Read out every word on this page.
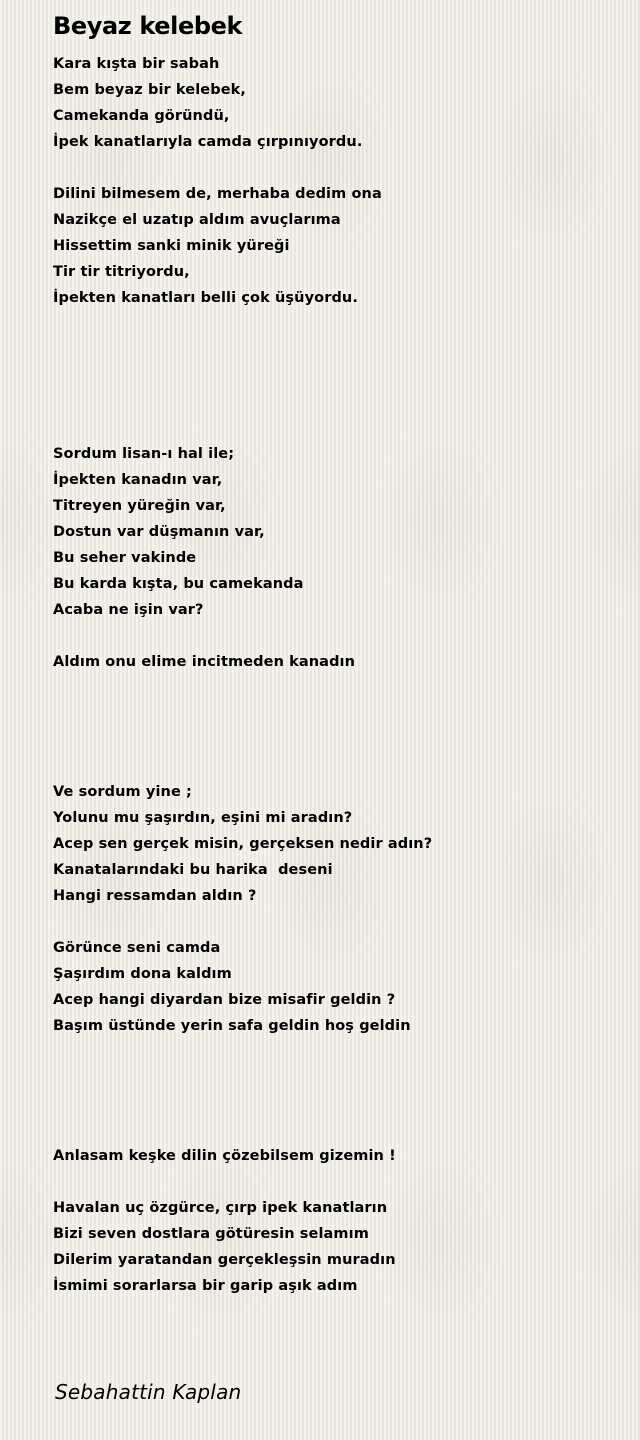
Beyaz kelebek
Kara kışta bir sabah
Bem beyaz bir kelebek,
Camekanda göründü,
İpek kanatlarıyla camda çırpınıyordu.
Dilini bilmesem de, merhaba dedim ona
Nazikçe el uzatıp aldım avuçlarıma
Hissettim sanki minik yüreği
Tir tir titriyordu,
İpekten kanatları belli çok üşüyordu.
Sordum lisan-ı hal ile;
İpekten kanadın var,
Titreyen yüreğin var,
Dostun var düşmanın var,
Bu seher vakinde
Bu karda kışta, bu camekanda
Acaba ne işin var?
Aldım onu elime incitmeden kanadın
Ve sordum yine ;
Yolunu mu şaşırdın, eşini mi aradın?
Acep sen gerçek misin, gerçeksen nedir adın?
Kanatalarındaki bu harika  deseni
Hangi ressamdan aldın ?
Görünce seni camda
Şaşırdım dona kaldım
Acep hangi diyardan bize misafir geldin ?
Başım üstünde yerin safa geldin hoş geldin
Anlasam keşke dilin çözebilsem gizemin !
Havalan uç özgürce, çırp ipek kanatların
Bizi seven dostlara götüresin selamım
Dilerim yaratandan gerçekleşsin muradın
İsmimi sorarlarsa bir garip aşık adım

Sebahattin Kaplan
